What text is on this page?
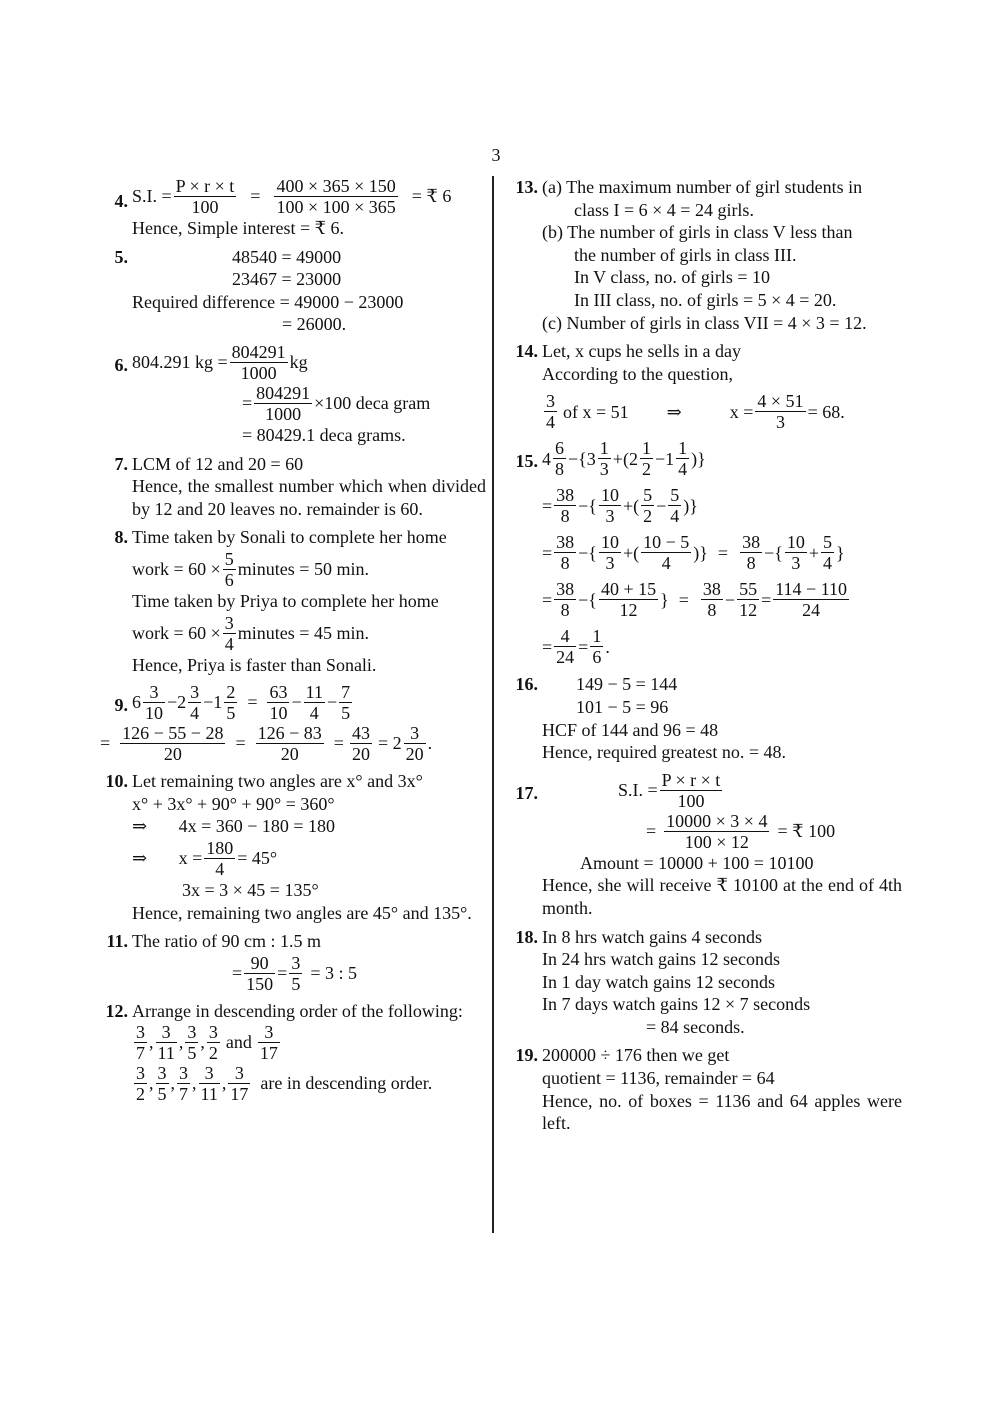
3
4. S.I. = $\frac{P \times r \times t}{100} = \frac{400 \times 365 \times 150}{100 \times 100 \times 365}$ = ₹ 6
Hence, Simple interest = ₹ 6.
5.	48540 = 49000
23467 = 23000
Required difference = 49000 − 23000
= 26000.
6. 804.291 kg = $\frac{804291}{1000}$ kg
= $\frac{804291}{1000} \times 100$ deca gram
= 80429.1 deca grams.
7. LCM of 12 and 20 = 60
Hence, the smallest number which when divided by 12 and 20 leaves no. remainder is 60.
8. Time taken by Sonali to complete her home
work = $60 \times \frac{5}{6}$ minutes = 50 min.
Time taken by Priya to complete her home
work = $60 \times \frac{3}{4}$ minutes = 45 min.
Hence, Priya is faster than Sonali.
9. $6 \frac{3}{10} -2 \frac{3}{4} -1 \frac{2}{5} = \frac{63}{10} - \frac{11}{4} - \frac{7}{5}$
= $\frac{126 - 55 - 28}{20} = \frac{126 - 83}{20} = \frac{43}{20} = 2 \frac{3}{20}$ .
10. Let remaining two angles are x° and 3x°
x° + 3x° + 90° + 90° = 360°
⇒       4x = 360 − 180 = 180
⇒       $x = \frac{180}{4} = 45^\circ$
3x = 3 × 45 = 135°
Hence, remaining two angles are 45° and 135°.
11. The ratio of 90 cm : 1.5 m
= $\frac{90}{150} = \frac{3}{5} = 3$ : 5
12. Arrange in descending order of the following:
$\frac{3}{7}$ , $\frac{3}{11}$ , $\frac{3}{5}$ , $\frac{3}{2}$ and $\frac{3}{17}$
$\frac{3}{2}$ , $\frac{3}{5}$ , $\frac{3}{7}$ , $\frac{3}{11}$ , $\frac{3}{17}$ are in descending order.
13. (a) The maximum number of girl students in
class I = 6 × 4 = 24 girls.
(b) The number of girls in class V less than
the number of girls in class III.
In V class, no. of girls = 10
In III class, no. of girls = 5 × 4 = 20.
(c) Number of girls in class VII = 4 × 3 = 12.
14. Let, x cups he sells in a day
According to the question,
$\frac{3}{4}$ of x = 51 ⇒	$x = \frac{4 \times 51}{3} = 68$.
15. $4 \frac{6}{8} -\{3 \frac{1}{3} +(2 \frac{1}{2} -1 \frac{1}{4}$ )}
= $\frac{38}{8}$ −{ $\frac{10}{3}$ +( $\frac{5}{2} - \frac{5}{4}$ )}
= $\frac{38}{8}$ −{ $\frac{10}{3}$ +( $\frac{10 - 5}{4}$ )} = $\frac{38}{8}$ −{ $\frac{10}{3} + \frac{5}{4}$ }
= $\frac{38}{8}$ −{ $\frac{40 + 15}{12}$ } = $\frac{38}{8} - \frac{55}{12} = \frac{114 - 110}{24}$
= $\frac{4}{24} = \frac{1}{6}$ .
16.	149 − 5 = 144
101 − 5 = 96
HCF of 144 and 96 = 48
Hence, required greatest no. = 48.
17.	S.I. = $\frac{P \times r \times t}{100}$
= $\frac{10000 \times 3 \times 4}{100 \times 12}$ = ₹ 100
Amount = 10000 + 100 = 10100
Hence, she will receive ₹ 10100 at the end of 4th month.
18. In 8 hrs watch gains 4 seconds
In 24 hrs watch gains 12 seconds
In 1 day watch gains 12 seconds
In 7 days watch gains 12 × 7 seconds
= 84 seconds.
19. 200000 ÷ 176 then we get
quotient = 1136, remainder = 64
Hence, no. of boxes = 1136 and 64 apples were left.
